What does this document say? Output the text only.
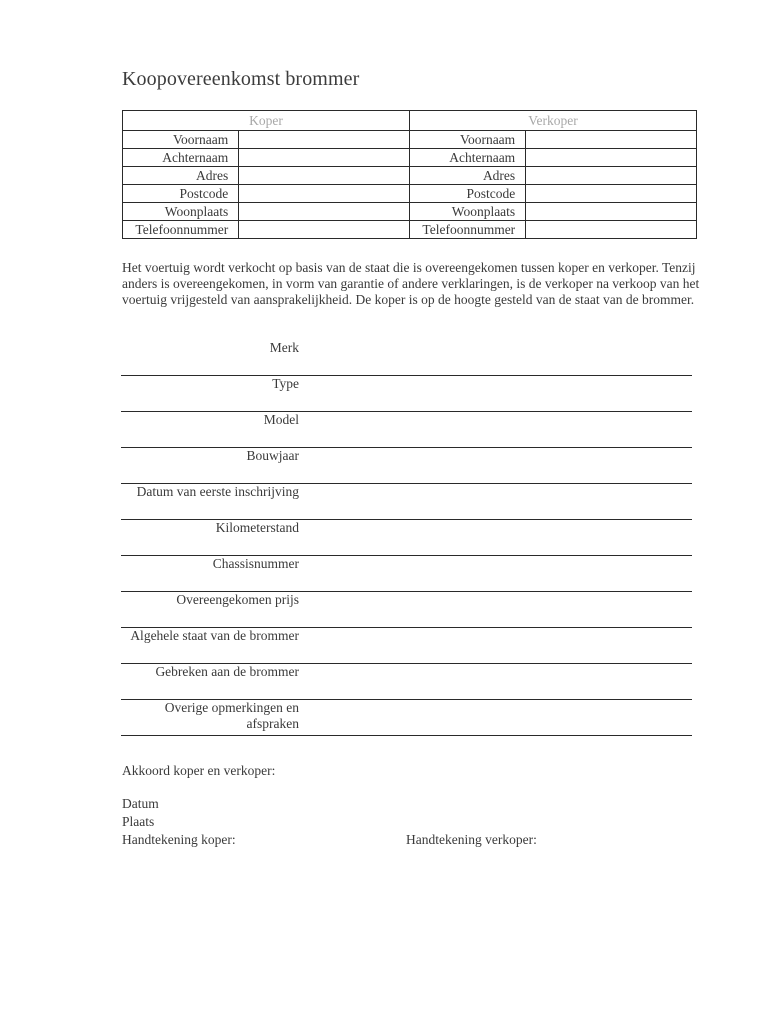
Koopovereenkomst brommer
Koper		Verkoper	
Voornaam		Voornaam	
Achternaam		Achternaam	
Adres		Adres	
Postcode		Postcode	
Woonplaats		Woonplaats	
Telefoonnummer		Telefoonnummer	
Het voertuig wordt verkocht op basis van de staat die is overeengekomen tussen koper en verkoper. Tenzij anders is overeengekomen, in vorm van garantie of andere verklaringen, is de verkoper na verkoop van het voertuig vrijgesteld van aansprakelijkheid. De koper is op de hoogte gesteld van de staat van de brommer.
Merk
Type
Model
Bouwjaar
Datum van eerste inschrijving
Kilometerstand
Chassisnummer
Overeengekomen prijs
Algehele staat van de brommer
Gebreken aan de brommer
Overige opmerkingen en afspraken
Akkoord koper en verkoper:
Datum
Plaats
Handtekening koper:	Handtekening verkoper:
